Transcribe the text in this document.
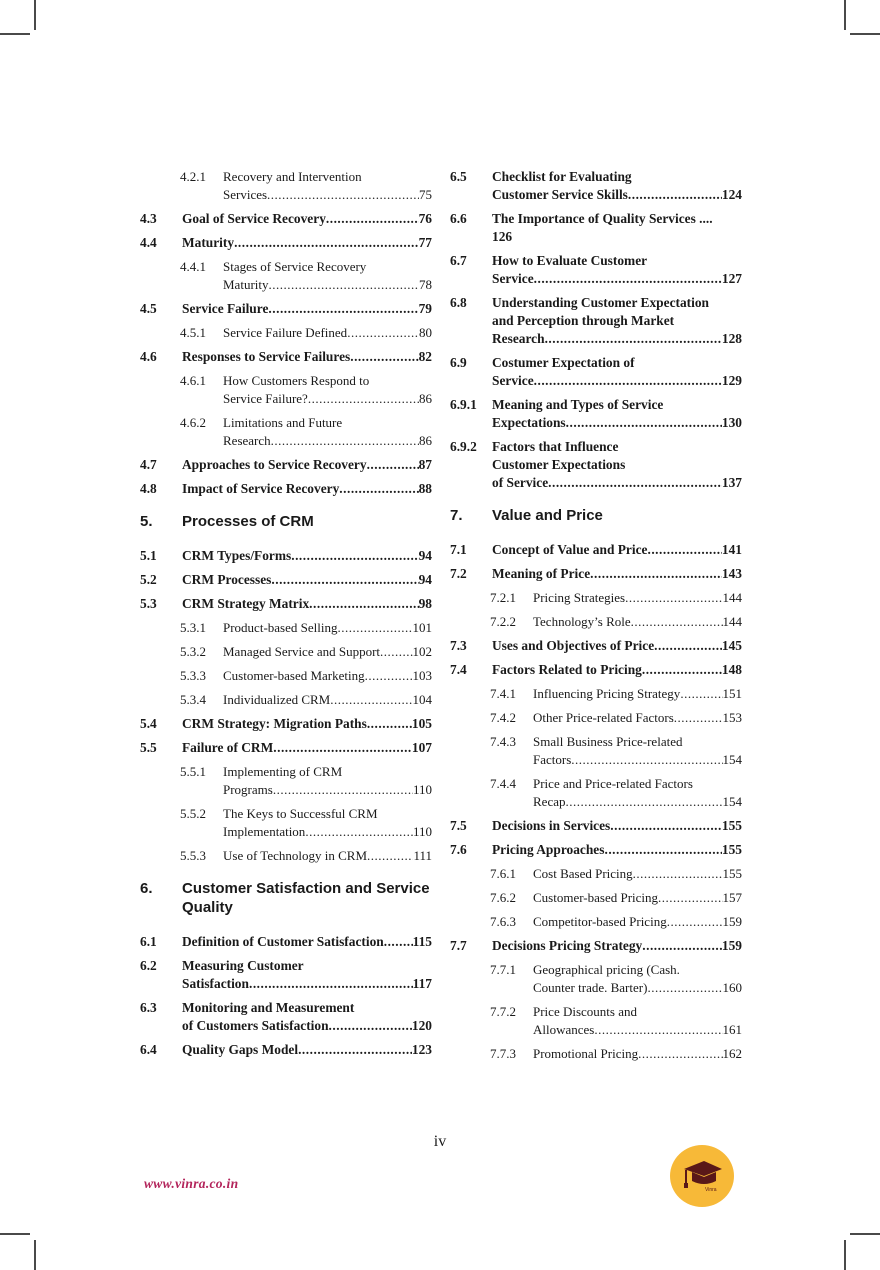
4.2.1 Recovery and Intervention
Services .....	75
4.3 Goal of Service Recovery .....	76
4.4 Maturity .....	77
4.4.1 Stages of Service Recovery
Maturity .....	78
4.5 Service Failure .....	79
4.5.1 Service Failure Defined .....	80
4.6 Responses to Service Failures .....	82
4.6.1 How Customers Respond to
Service Failure? .....	86
4.6.2 Limitations and Future
Research .....	86
4.7 Approaches to Service Recovery .....	87
4.8 Impact of Service Recovery .....	88
5. Processes of CRM
5.1 CRM Types/Forms .....	94
5.2 CRM Processes .....	94
5.3 CRM Strategy Matrix .....	98
5.3.1 Product-based Selling .....	101
5.3.2 Managed Service and Support ..... 102
5.3.3 Customer-based Marketing .....	103
5.3.4 Individualized CRM .....	104
5.4 CRM Strategy: Migration Paths .....	105
5.5 Failure of CRM .....	107
5.5.1 Implementing of CRM
Programs .....	110
5.5.2 The Keys to Successful CRM
Implementation .....	110
5.5.3 Use of Technology in CRM .....	111
6. Customer Satisfaction and Service Quality
6.1 Definition of Customer Satisfaction ..... 115
6.2 Measuring Customer
Satisfaction .....	117
6.3 Monitoring and Measurement
of Customers Satisfaction .....	120
6.4 Quality Gaps Model .....	123
6.5 Checklist for Evaluating
Customer Service Skills .....	124
6.6 The Importance of Quality Services ....
126
6.7 How to Evaluate Customer
Service .....	127
6.8 Understanding Customer Expectation
and Perception through Market
Research .....	128
6.9 Costumer Expectation of
Service .....	129
6.9.1 Meaning and Types of Service
Expectations .....	130
6.9.2 Factors that Influence
Customer Expectations
of Service .....	137
7. Value and Price
7.1 Concept of Value and Price .....	141
7.2 Meaning of Price .....	143
7.2.1 Pricing Strategies .....	144
7.2.2 Technology’s Role .....	144
7.3 Uses and Objectives of Price .....	145
7.4 Factors Related to Pricing .....	148
7.4.1 Influencing Pricing Strategy .....	151
7.4.2 Other Price-related Factors .....	153
7.4.3 Small Business Price-related
Factors .....	154
7.4.4 Price and Price-related Factors
Recap .....	154
7.5 Decisions in Services .....	155
7.6 Pricing Approaches .....	155
7.6.1 Cost Based Pricing .....	155
7.6.2 Customer-based Pricing .....	157
7.6.3 Competitor-based Pricing .....	159
7.7 Decisions Pricing Strategy .....	159
7.7.1 Geographical pricing (Cash.
Counter trade. Barter) .....	160
7.7.2 Price Discounts and
Allowances .....	161
7.7.3 Promotional Pricing .....	162
iv
www.vinra.co.in	Vinra
